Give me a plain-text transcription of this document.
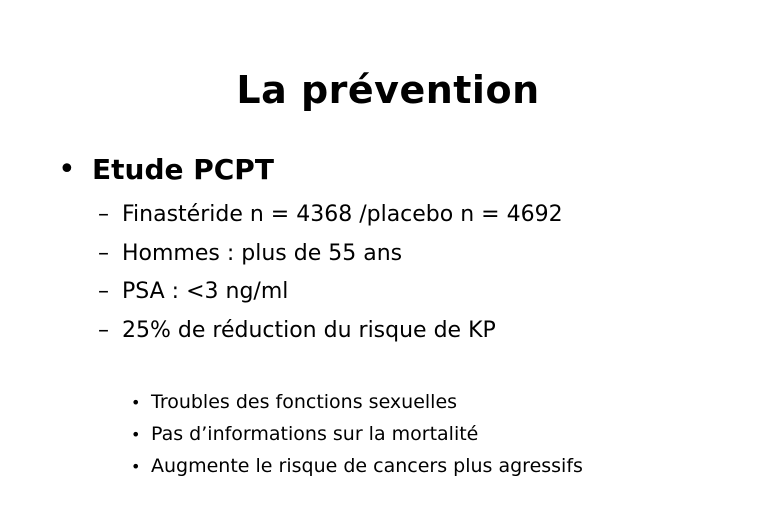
La prévention
• Etude PCPT
– Finastéride n = 4368 /placebo n = 4692
– Hommes : plus de 55 ans
– PSA : <3 ng/ml
– 25% de réduction du risque de KP
• Troubles des fonctions sexuelles
• Pas d’informations sur la mortalité
• Augmente le risque de cancers plus agressifs
